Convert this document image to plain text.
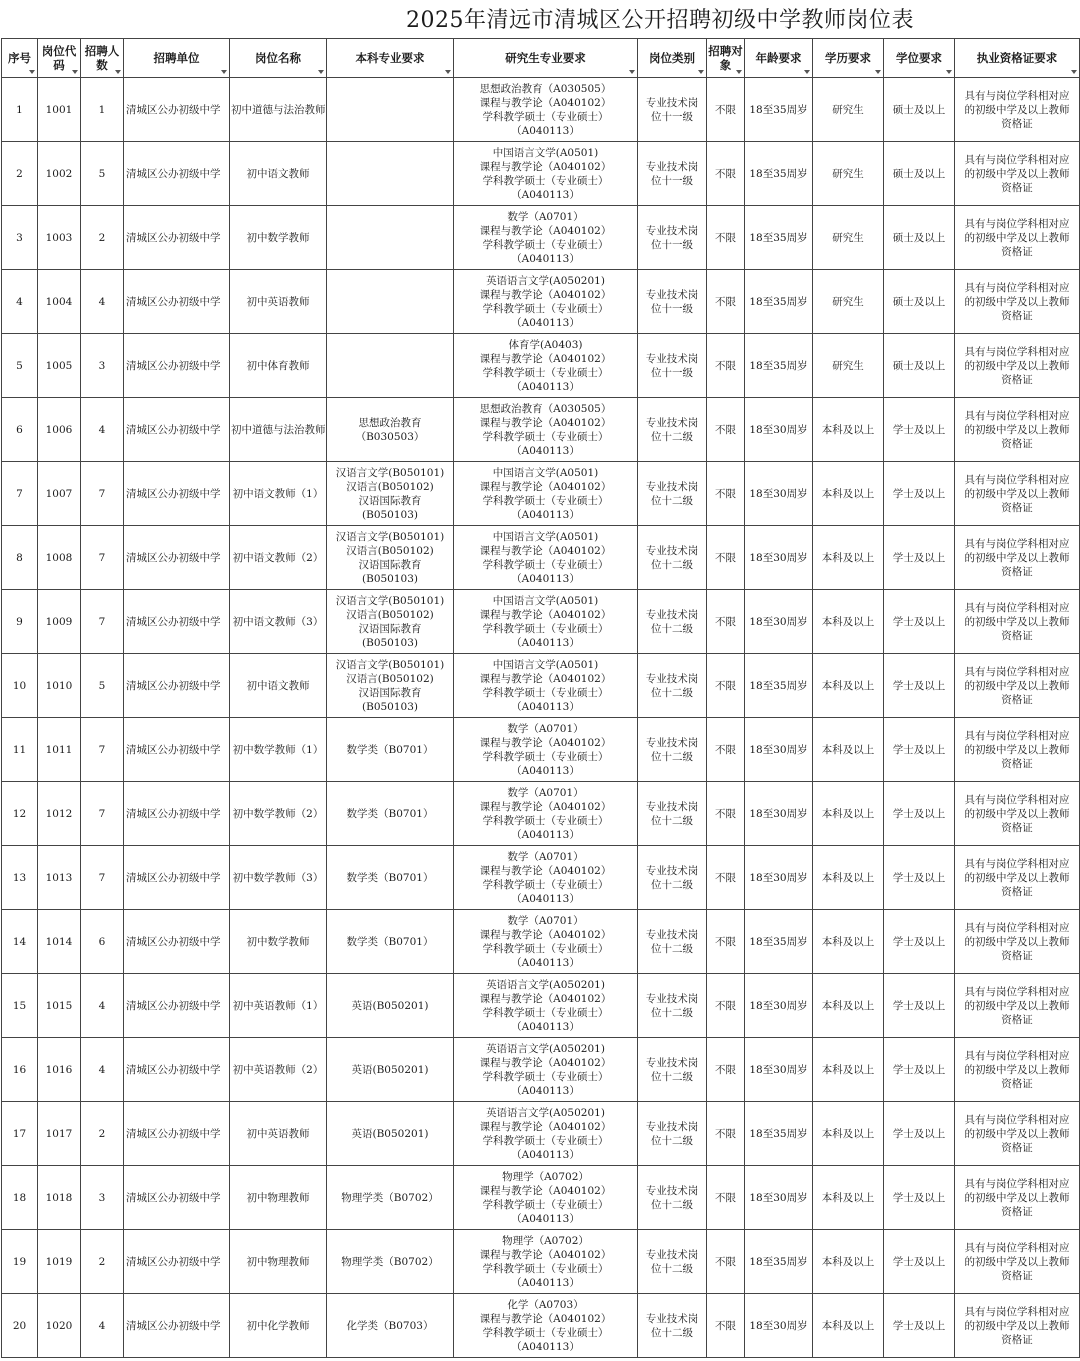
2025年清远市清城区公开招聘初级中学教师岗位表
序号	岗位代码	招聘人数	招聘单位	岗位名称	本科专业要求	研究生专业要求	岗位类别	招聘对象	年龄要求	学历要求	学位要求	执业资格证要求

1	1001	1	清城区公办初级中学	初中道德与法治教师		思想政治教育（A030505）
课程与教学论（A040102）
学科教学硕士（专业硕士）
（A040113）	专业技术岗
位十一级	不限	18至35周岁	研究生	硕士及以上	具有与岗位学科相对应
的初级中学及以上教师
资格证

2	1002	5	清城区公办初级中学	初中语文教师		中国语言文学(A0501)
课程与教学论（A040102）
学科教学硕士（专业硕士）
（A040113）	专业技术岗
位十一级	不限	18至35周岁	研究生	硕士及以上	具有与岗位学科相对应
的初级中学及以上教师
资格证

3	1003	2	清城区公办初级中学	初中数学教师		数学（A0701）
课程与教学论（A040102）
学科教学硕士（专业硕士）
（A040113）	专业技术岗
位十一级	不限	18至35周岁	研究生	硕士及以上	具有与岗位学科相对应
的初级中学及以上教师
资格证

4	1004	4	清城区公办初级中学	初中英语教师		英语语言文学(A050201)
课程与教学论（A040102）
学科教学硕士（专业硕士）
（A040113）	专业技术岗
位十一级	不限	18至35周岁	研究生	硕士及以上	具有与岗位学科相对应
的初级中学及以上教师
资格证

5	1005	3	清城区公办初级中学	初中体育教师		体育学(A0403)
课程与教学论（A040102）
学科教学硕士（专业硕士）
（A040113）	专业技术岗
位十一级	不限	18至35周岁	研究生	硕士及以上	具有与岗位学科相对应
的初级中学及以上教师
资格证

6	1006	4	清城区公办初级中学	初中道德与法治教师	思想政治教育
（B030503）	思想政治教育（A030505）
课程与教学论（A040102）
学科教学硕士（专业硕士）
（A040113）	专业技术岗
位十二级	不限	18至30周岁	本科及以上	学士及以上	具有与岗位学科相对应
的初级中学及以上教师
资格证

7	1007	7	清城区公办初级中学	初中语文教师（1）	汉语言文学(B050101)
汉语言(B050102)
汉语国际教育
(B050103)	中国语言文学(A0501)
课程与教学论（A040102）
学科教学硕士（专业硕士）
（A040113）	专业技术岗
位十二级	不限	18至30周岁	本科及以上	学士及以上	具有与岗位学科相对应
的初级中学及以上教师
资格证

8	1008	7	清城区公办初级中学	初中语文教师（2）	汉语言文学(B050101)
汉语言(B050102)
汉语国际教育
(B050103)	中国语言文学(A0501)
课程与教学论（A040102）
学科教学硕士（专业硕士）
（A040113）	专业技术岗
位十二级	不限	18至30周岁	本科及以上	学士及以上	具有与岗位学科相对应
的初级中学及以上教师
资格证

9	1009	7	清城区公办初级中学	初中语文教师（3）	汉语言文学(B050101)
汉语言(B050102)
汉语国际教育
(B050103)	中国语言文学(A0501)
课程与教学论（A040102）
学科教学硕士（专业硕士）
（A040113）	专业技术岗
位十二级	不限	18至30周岁	本科及以上	学士及以上	具有与岗位学科相对应
的初级中学及以上教师
资格证

10	1010	5	清城区公办初级中学	初中语文教师	汉语言文学(B050101)
汉语言(B050102)
汉语国际教育
(B050103)	中国语言文学(A0501)
课程与教学论（A040102）
学科教学硕士（专业硕士）
（A040113）	专业技术岗
位十二级	不限	18至35周岁	本科及以上	学士及以上	具有与岗位学科相对应
的初级中学及以上教师
资格证

11	1011	7	清城区公办初级中学	初中数学教师（1）	数学类（B0701）	数学（A0701）
课程与教学论（A040102）
学科教学硕士（专业硕士）
（A040113）	专业技术岗
位十二级	不限	18至30周岁	本科及以上	学士及以上	具有与岗位学科相对应
的初级中学及以上教师
资格证

12	1012	7	清城区公办初级中学	初中数学教师（2）	数学类（B0701）	数学（A0701）
课程与教学论（A040102）
学科教学硕士（专业硕士）
（A040113）	专业技术岗
位十二级	不限	18至30周岁	本科及以上	学士及以上	具有与岗位学科相对应
的初级中学及以上教师
资格证

13	1013	7	清城区公办初级中学	初中数学教师（3）	数学类（B0701）	数学（A0701）
课程与教学论（A040102）
学科教学硕士（专业硕士）
（A040113）	专业技术岗
位十二级	不限	18至30周岁	本科及以上	学士及以上	具有与岗位学科相对应
的初级中学及以上教师
资格证

14	1014	6	清城区公办初级中学	初中数学教师	数学类（B0701）	数学（A0701）
课程与教学论（A040102）
学科教学硕士（专业硕士）
（A040113）	专业技术岗
位十二级	不限	18至35周岁	本科及以上	学士及以上	具有与岗位学科相对应
的初级中学及以上教师
资格证

15	1015	4	清城区公办初级中学	初中英语教师（1）	英语(B050201)	英语语言文学(A050201)
课程与教学论（A040102）
学科教学硕士（专业硕士）
（A040113）	专业技术岗
位十二级	不限	18至30周岁	本科及以上	学士及以上	具有与岗位学科相对应
的初级中学及以上教师
资格证

16	1016	4	清城区公办初级中学	初中英语教师（2）	英语(B050201)	英语语言文学(A050201)
课程与教学论（A040102）
学科教学硕士（专业硕士）
（A040113）	专业技术岗
位十二级	不限	18至30周岁	本科及以上	学士及以上	具有与岗位学科相对应
的初级中学及以上教师
资格证

17	1017	2	清城区公办初级中学	初中英语教师	英语(B050201)	英语语言文学(A050201)
课程与教学论（A040102）
学科教学硕士（专业硕士）
（A040113）	专业技术岗
位十二级	不限	18至35周岁	本科及以上	学士及以上	具有与岗位学科相对应
的初级中学及以上教师
资格证

18	1018	3	清城区公办初级中学	初中物理教师	物理学类（B0702）	物理学（A0702）
课程与教学论（A040102）
学科教学硕士（专业硕士）
（A040113）	专业技术岗
位十二级	不限	18至30周岁	本科及以上	学士及以上	具有与岗位学科相对应
的初级中学及以上教师
资格证

19	1019	2	清城区公办初级中学	初中物理教师	物理学类（B0702）	物理学（A0702）
课程与教学论（A040102）
学科教学硕士（专业硕士）
（A040113）	专业技术岗
位十二级	不限	18至35周岁	本科及以上	学士及以上	具有与岗位学科相对应
的初级中学及以上教师
资格证

20	1020	4	清城区公办初级中学	初中化学教师	化学类（B0703）	化学（A0703）
课程与教学论（A040102）
学科教学硕士（专业硕士）
（A040113）	专业技术岗
位十二级	不限	18至30周岁	本科及以上	学士及以上	具有与岗位学科相对应
的初级中学及以上教师
资格证
